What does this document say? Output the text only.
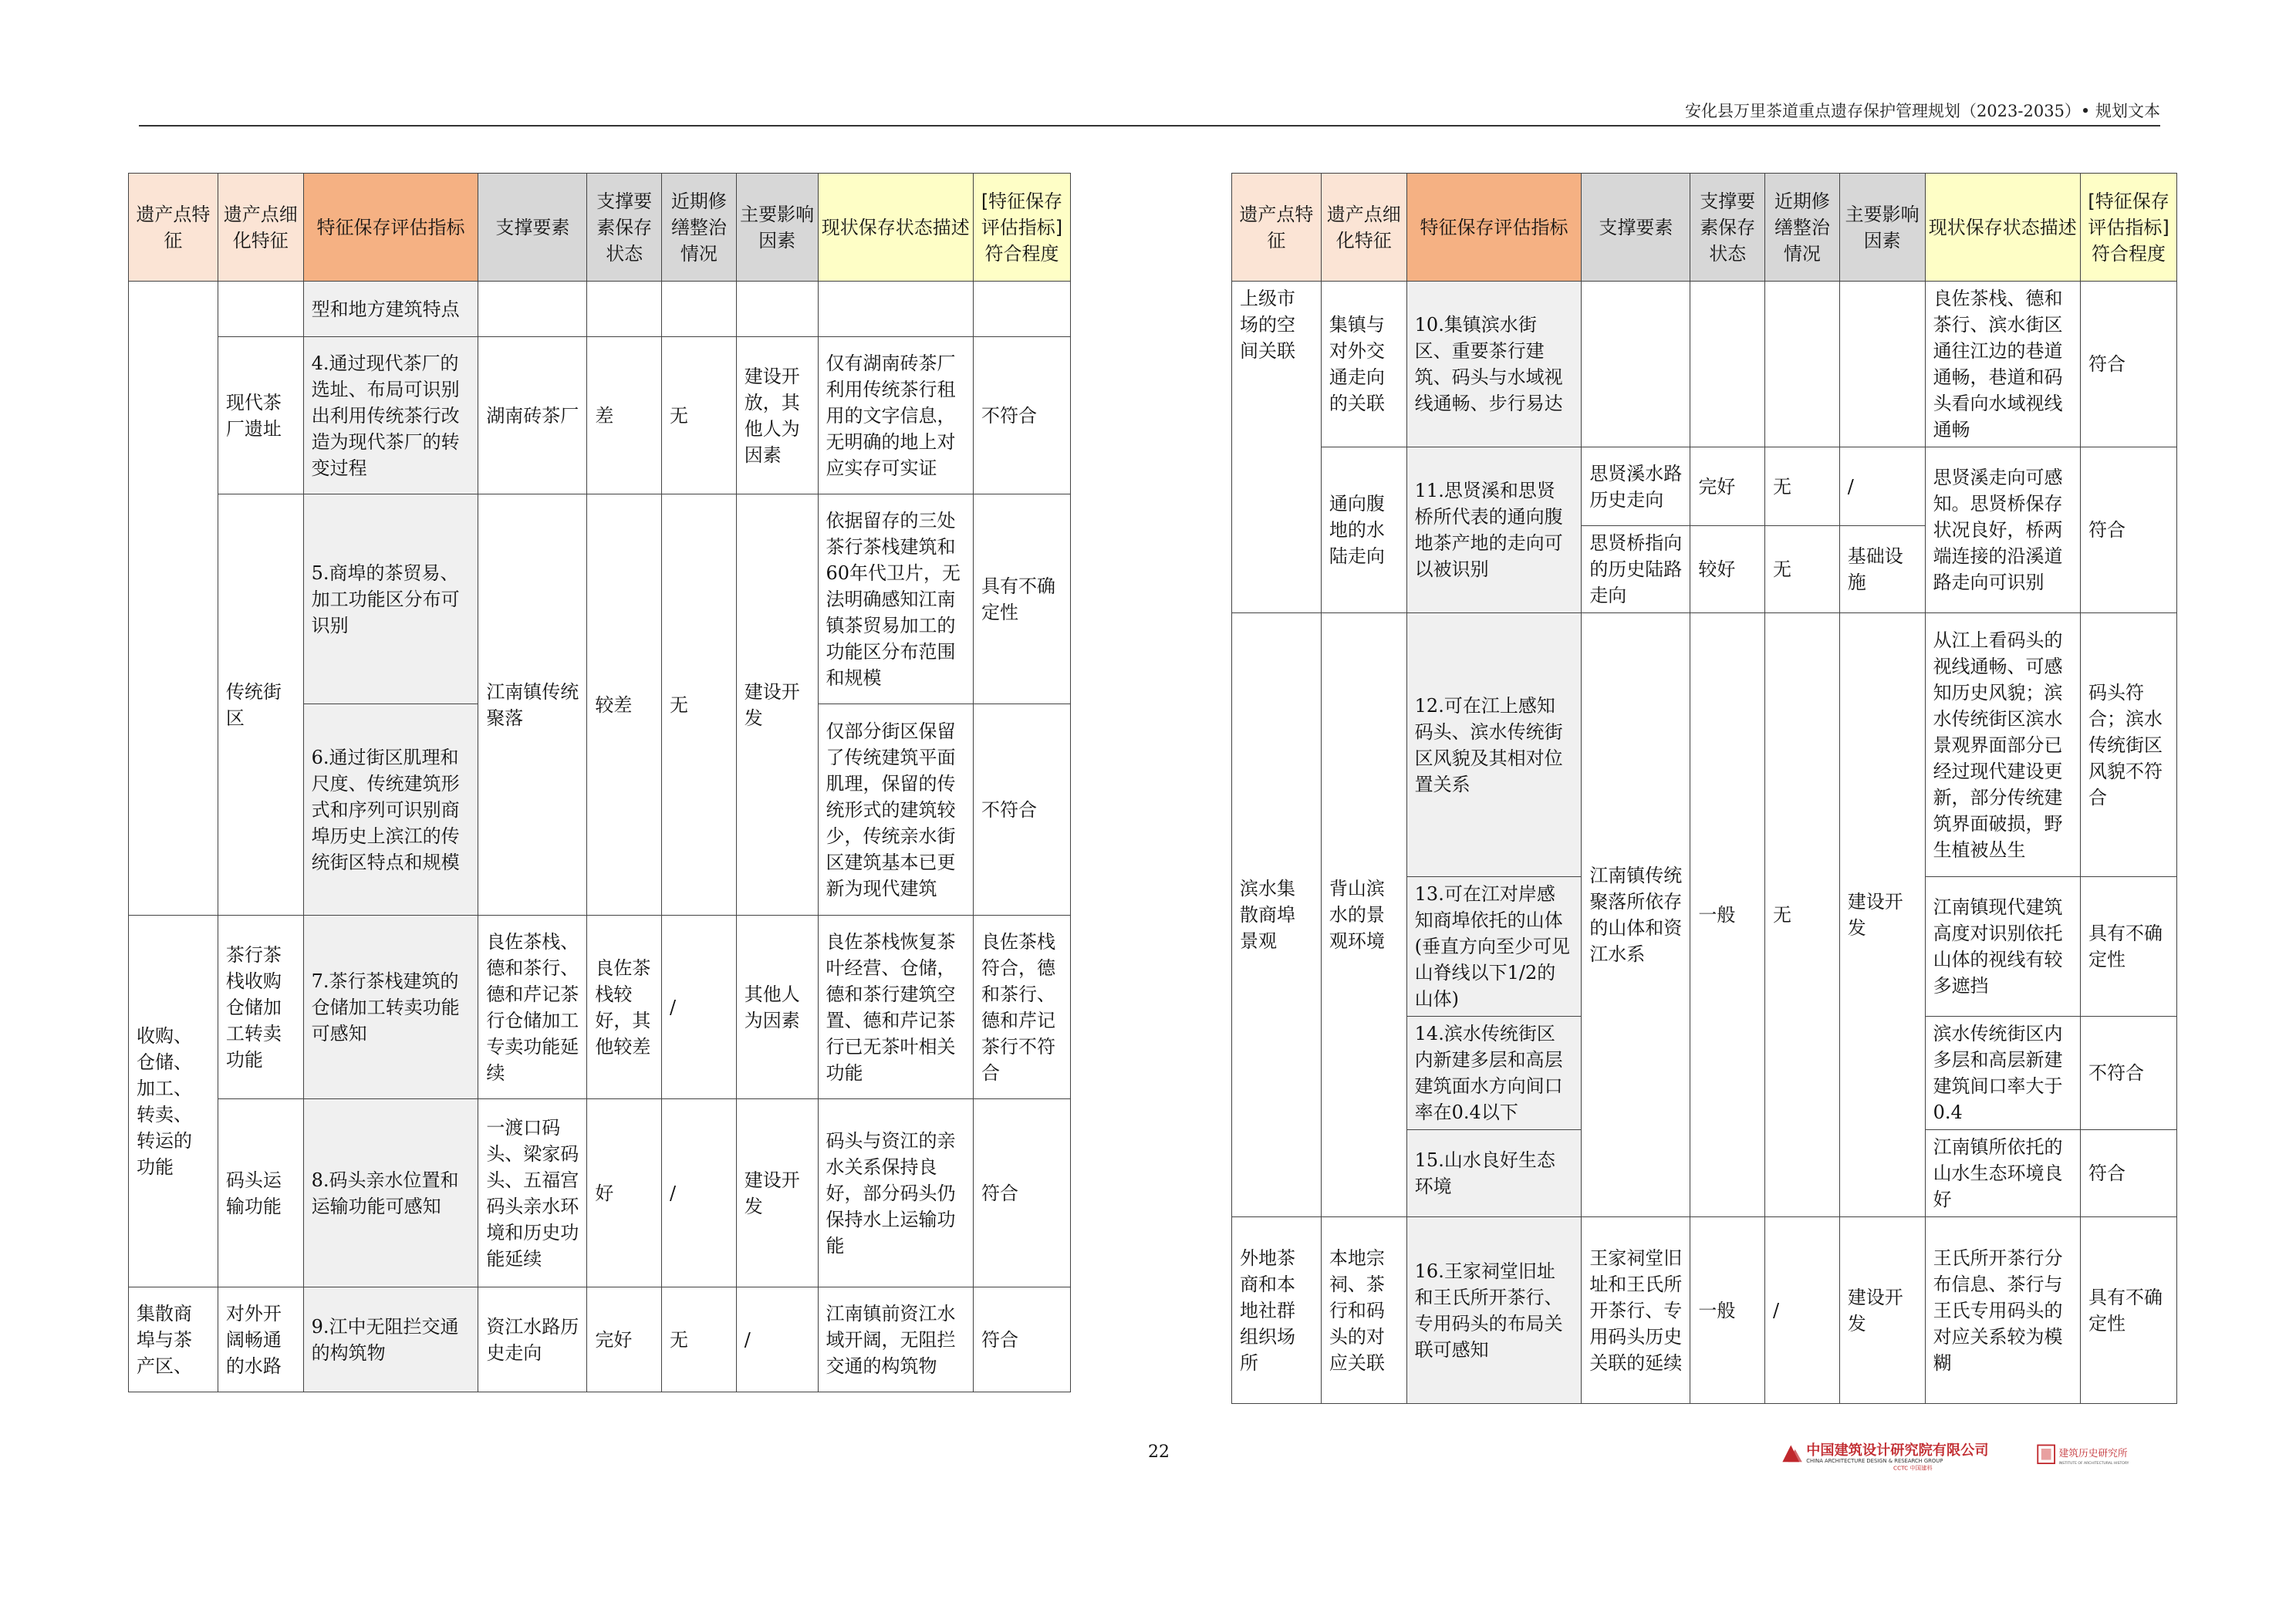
安化县万里茶道重点遗存保护管理规划（2023-2035）• 规划文本
遗产点特征	遗产点细化特征	特征保存评估指标	支撑要素	支撑要素保存状态	近期修缮整治情况	主要影响因素	现状保存状态描述	[特征保存评估指标]符合程度
		型和地方建筑特点						
	现代茶厂遗址	4.通过现代茶厂的选址、布局可识别出利用传统茶行改造为现代茶厂的转变过程	湖南砖茶厂	差	无	建设开放，其他人为因素	仅有湖南砖茶厂利用传统茶行租用的文字信息，无明确的地上对应实存可实证	不符合
	传统街区	5.商埠的茶贸易、加工功能区分布可识别	江南镇传统聚落	较差	无	建设开发	依据留存的三处茶行茶栈建筑和60年代卫片，无法明确感知江南镇茶贸易加工的功能区分布范围和规模	具有不确定性
		6.通过街区肌理和尺度、传统建筑形式和序列可识别商埠历史上滨江的传统街区特点和规模					仅部分街区保留了传统建筑平面肌理，保留的传统形式的建筑较少，传统亲水街区建筑基本已更新为现代建筑	不符合
收购、仓储、加工、转卖、转运的功能	茶行茶栈收购仓储加工转卖功能	7.茶行茶栈建筑的仓储加工转卖功能可感知	良佐茶栈、德和茶行、德和芹记茶行仓储加工专卖功能延续	良佐茶栈较好，其他较差	/	其他人为因素	良佐茶栈恢复茶叶经营、仓储，德和茶行建筑空置、德和芹记茶行已无茶叶相关功能	良佐茶栈符合，德和茶行、德和芹记茶行不符合
	码头运输功能	8.码头亲水位置和运输功能可感知	一渡口码头、梁家码头、五福宫码头亲水环境和历史功能延续	好	/	建设开发	码头与资江的亲水关系保持良好，部分码头仍保持水上运输功能	符合
集散商埠与茶产区、	对外开阔畅通的水路	9.江中无阻拦交通的构筑物	资江水路历史走向	完好	无	/	江南镇前资江水域开阔，无阻拦交通的构筑物	符合
遗产点特征	遗产点细化特征	特征保存评估指标	支撑要素	支撑要素保存状态	近期修缮整治情况	主要影响因素	现状保存状态描述	[特征保存评估指标]符合程度
上级市场的空间关联	集镇与对外交通走向的关联	10.集镇滨水街区、重要茶行建筑、码头与水域视线通畅、步行易达					良佐茶栈、德和茶行、滨水街区通往江边的巷道通畅，巷道和码头看向水域视线通畅	符合
	通向腹地的水陆走向	11.思贤溪和思贤桥所代表的通向腹地茶产地的走向可以被识别	思贤溪水路历史走向	完好	无	/	思贤溪走向可感知。思贤桥保存状况良好，桥两端连接的沿溪道路走向可识别	符合
			思贤桥指向的历史陆路走向	较好	无	基础设施		
滨水集散商埠景观	背山滨水的景观环境	12.可在江上感知码头、滨水传统街区风貌及其相对位置关系	江南镇传统聚落所依存的山体和资江水系	一般	无	建设开发	从江上看码头的视线通畅、可感知历史风貌；滨水传统街区滨水景观界面部分已经过现代建设更新，部分传统建筑界面破损，野生植被丛生	码头符合；滨水传统街区风貌不符合
		13.可在江对岸感知商埠依托的山体(垂直方向至少可见山脊线以下1/2的山体)					江南镇现代建筑高度对识别依托山体的视线有较多遮挡	具有不确定性
		14.滨水传统街区内新建多层和高层建筑面水方向间口率在0.4以下					滨水传统街区内多层和高层新建建筑间口率大于0.4	不符合
		15.山水良好生态环境					江南镇所依托的山水生态环境良好	符合
外地茶商和本地社群组织场所	本地宗祠、茶行和码头的对应关联	16.王家祠堂旧址和王氏所开茶行、专用码头的布局关联可感知	王家祠堂旧址和王氏所开茶行、专用码头历史关联的延续	一般	/	建设开发	王氏所开茶行分布信息、茶行与王氏专用码头的对应关系较为模糊	具有不确定性
22	中国建筑设计研究院有限公司
CHINA ARCHITECTURE DESIGN & RESEARCH GROUP
CCTC 中国建科
建筑历史研究所
INSTITUTE OF ARCHITECTURAL HISTORY
